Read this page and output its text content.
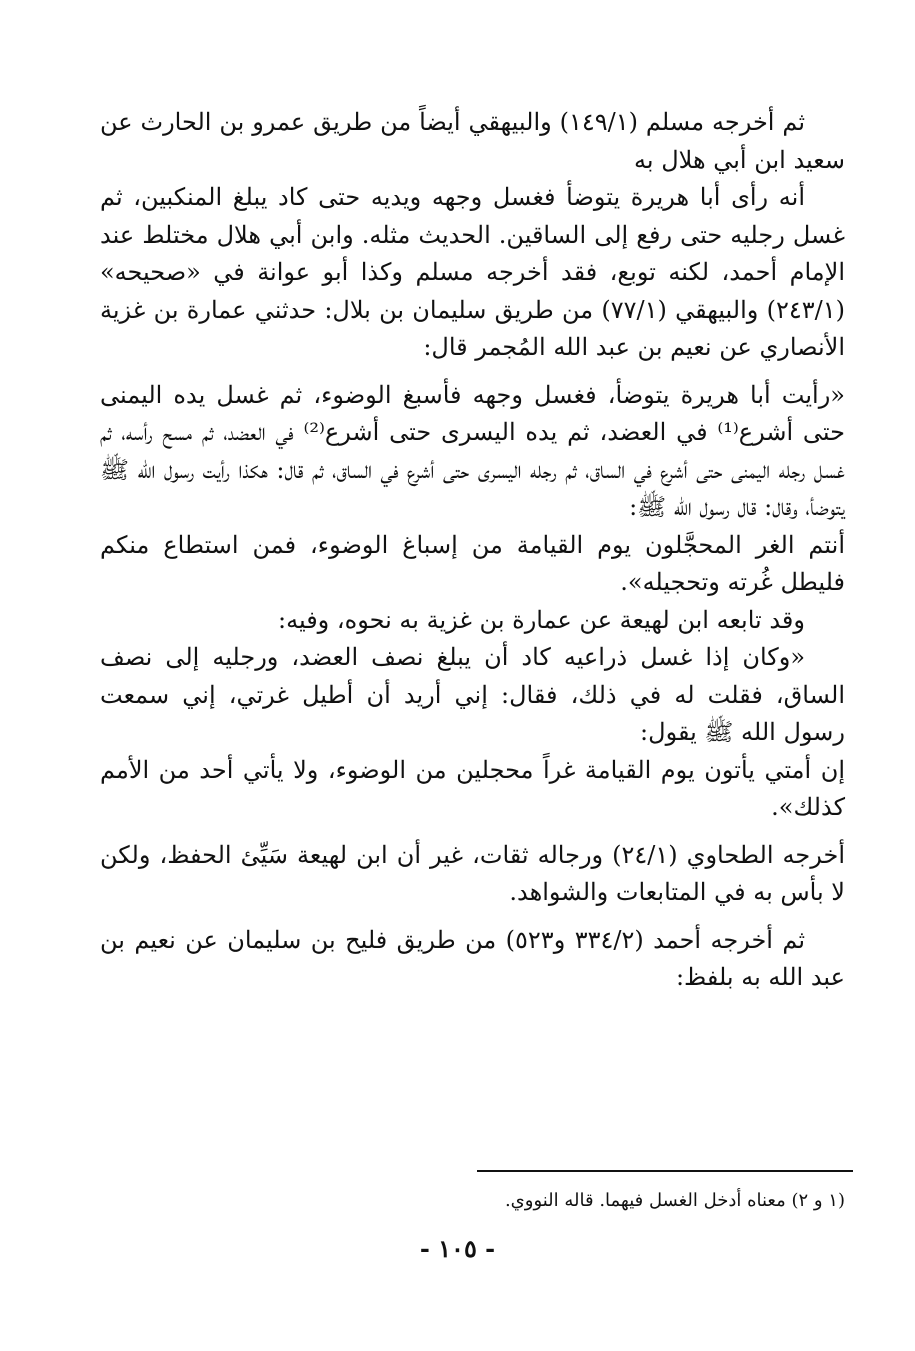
ثم أخرجه مسلم (١٤٩/١) والبيهقي أيضاً من طريق عمرو بن الحارث عن سعيد ابن أبي هلال به

أنه رأى أبا هريرة يتوضأ فغسل وجهه ويديه حتى كاد يبلغ المنكبين، ثم غسل رجليه حتى رفع إلى الساقين. الحديث مثله. وابن أبي هلال مختلط عند الإمام أحمد، لكنه توبع، فقد أخرجه مسلم وكذا أبو عوانة في «صحيحه» (٢٤٣/١) والبيهقي (٧٧/١) من طريق سليمان بن بلال: حدثني عمارة بن غزية الأنصاري عن نعيم بن عبد الله المُجمر قال:

«رأيت أبا هريرة يتوضأ، فغسل وجهه فأسبغ الوضوء، ثم غسل يده اليمنى حتى أشرع⁽¹⁾ في العضد، ثم يده اليسرى حتى أشرع⁽²⁾ في العضد، ثم مسح رأسه، ثم غسل رجله اليمنى حتى أشرع في الساق، ثم رجله اليسرى حتى أشرع في الساق، ثم قال: هكذا رأيت رسول الله ﷺ يتوضأ، وقال: قال رسول الله ﷺ:

أنتم الغر المحجَّلون يوم القيامة من إسباغ الوضوء، فمن استطاع منكم فليطل غُرته وتحجيله».

وقد تابعه ابن لهيعة عن عمارة بن غزية به نحوه، وفيه:

«وكان إذا غسل ذراعيه كاد أن يبلغ نصف العضد، ورجليه إلى نصف الساق، فقلت له في ذلك، فقال: إني أريد أن أطيل غرتي، إني سمعت رسول الله ﷺ يقول:

إن أمتي يأتون يوم القيامة غراً محجلين من الوضوء، ولا يأتي أحد من الأمم كذلك».

أخرجه الطحاوي (٢٤/١) ورجاله ثقات، غير أن ابن لهيعة سَيِّئ الحفظ، ولكن لا بأس به في المتابعات والشواهد.

ثم أخرجه أحمد (٣٣٤/٢ و٥٢٣) من طريق فليح بن سليمان عن نعيم بن عبد الله به بلفظ:

(١ و ٢) معناه أدخل الغسل فيهما. قاله النووي.

- ١٠٥ -
